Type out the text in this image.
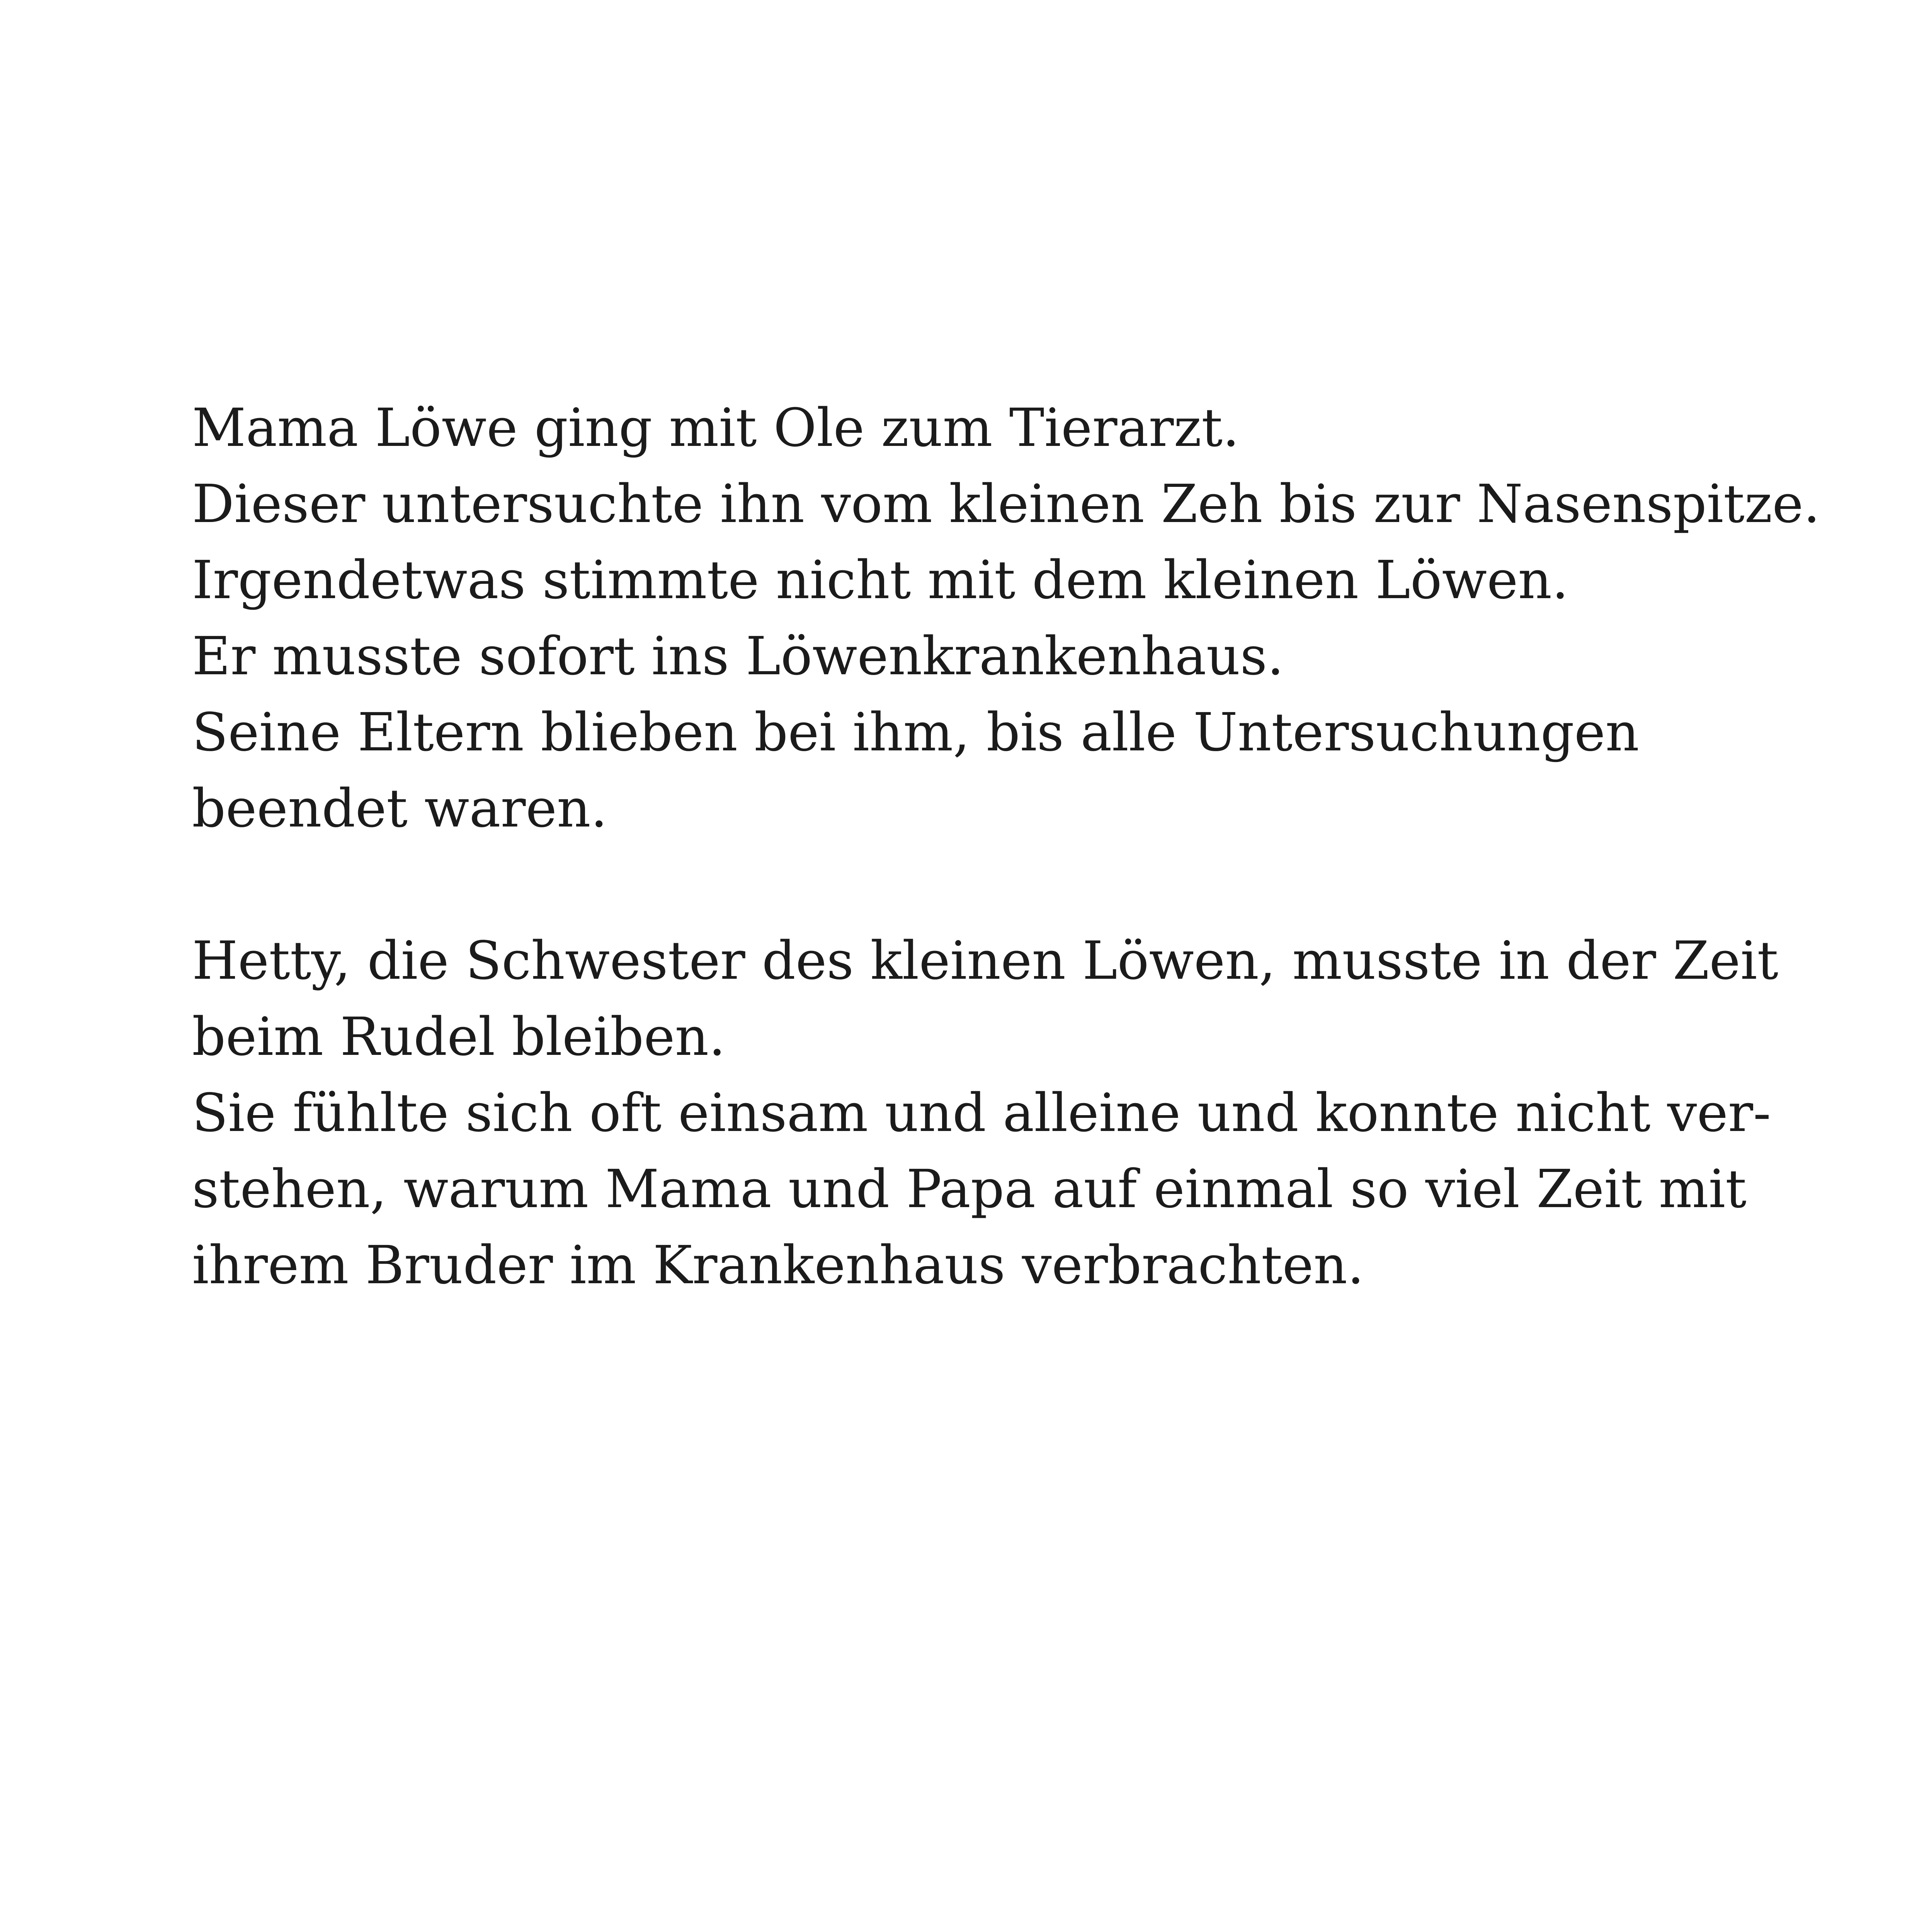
Mama Löwe ging mit Ole zum Tierarzt.
Dieser untersuchte ihn vom kleinen Zeh bis zur Nasenspitze.
Irgendetwas stimmte nicht mit dem kleinen Löwen.
Er musste sofort ins Löwenkrankenhaus.
Seine Eltern blieben bei ihm, bis alle Untersuchungen
beendet waren.

Hetty, die Schwester des kleinen Löwen, musste in der Zeit
beim Rudel bleiben.
Sie fühlte sich oft einsam und alleine und konnte nicht ver-
stehen, warum Mama und Papa auf einmal so viel Zeit mit
ihrem Bruder im Krankenhaus verbrachten.
